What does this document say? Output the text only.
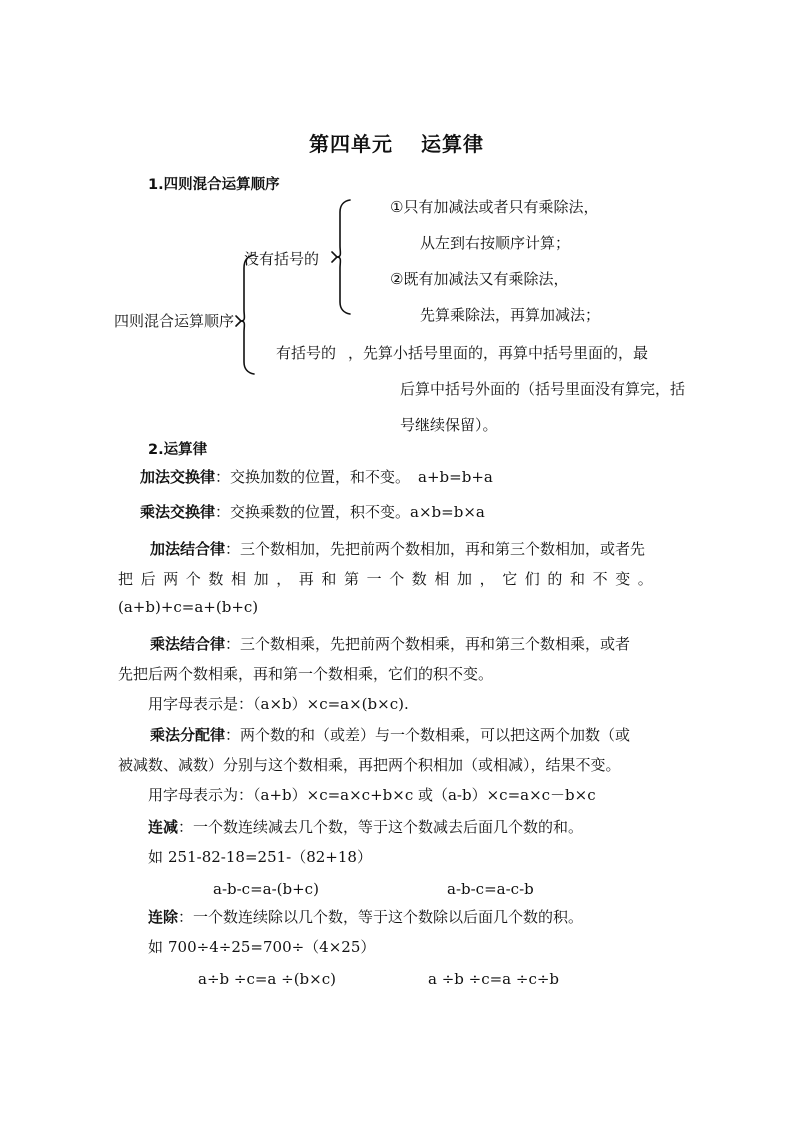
第四单元 运算律
1.四则混合运算顺序
四则混合运算顺序
没有括号的
①只有加减法或者只有乘除法，
从左到右按顺序计算；
②既有加减法又有乘除法，
先算乘除法，再算加减法；
有括号的 ，先算小括号里面的，再算中括号里面的，最
后算中括号外面的（括号里面没有算完，括
号继续保留）。
2.运算律
加法交换律：交换加数的位置，和不变。 a+b=b+a
乘法交换律：交换乘数的位置，积不变。a×b=b×a
加法结合律：三个数相加，先把前两个数相加，再和第三个数相加，或者先
把后两个数相加，再和第一个数相加，它们的和不变。
(a+b)+c=a+(b+c)
乘法结合律：三个数相乘，先把前两个数相乘，再和第三个数相乘，或者
先把后两个数相乘，再和第一个数相乘，它们的积不变。
用字母表示是：（a×b）×c=a×(b×c).
乘法分配律：两个数的和（或差）与一个数相乘，可以把这两个加数（或
被减数、减数）分别与这个数相乘，再把两个积相加（或相减），结果不变。
用字母表示为：（a+b）×c=a×c+b×c 或（a-b）×c=a×c－b×c
连减：一个数连续减去几个数，等于这个数减去后面几个数的和。
如 251-82-18=251-（82+18）
a-b-c=a-(b+c)	a-b-c=a-c-b
连除：一个数连续除以几个数，等于这个数除以后面几个数的积。
如 700÷4÷25=700÷（4×25）
a÷b ÷c=a ÷(b×c)	a ÷b ÷c=a ÷c÷b
